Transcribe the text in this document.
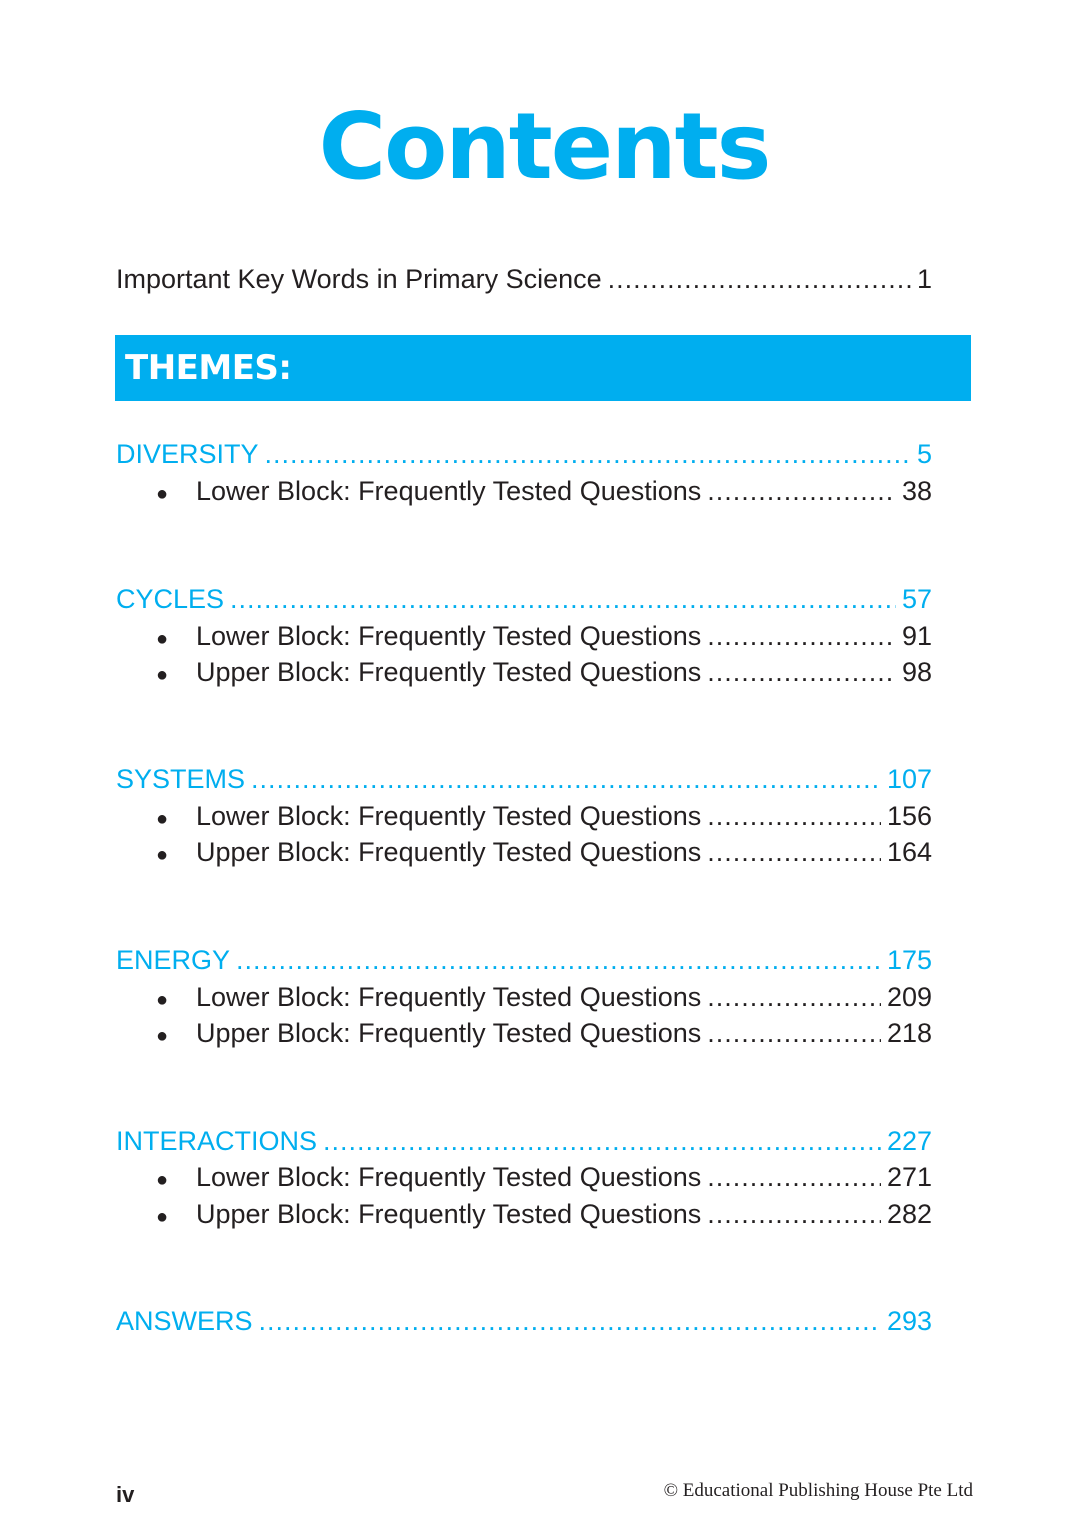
Contents
Important Key Words in Primary Science .....	1
THEMES:
DIVERSITY .....	5
●	Lower Block: Frequently Tested Questions .....	38
CYCLES .....	57
●	Lower Block: Frequently Tested Questions .....	91
●	Upper Block: Frequently Tested Questions .....	98
SYSTEMS .....	107
●	Lower Block: Frequently Tested Questions .....	156
●	Upper Block: Frequently Tested Questions .....	164
ENERGY .....	175
●	Lower Block: Frequently Tested Questions .....	209
●	Upper Block: Frequently Tested Questions .....	218
INTERACTIONS .....	227
●	Lower Block: Frequently Tested Questions .....	271
●	Upper Block: Frequently Tested Questions .....	282
ANSWERS .....	293
iv	© Educational Publishing House Pte Ltd
